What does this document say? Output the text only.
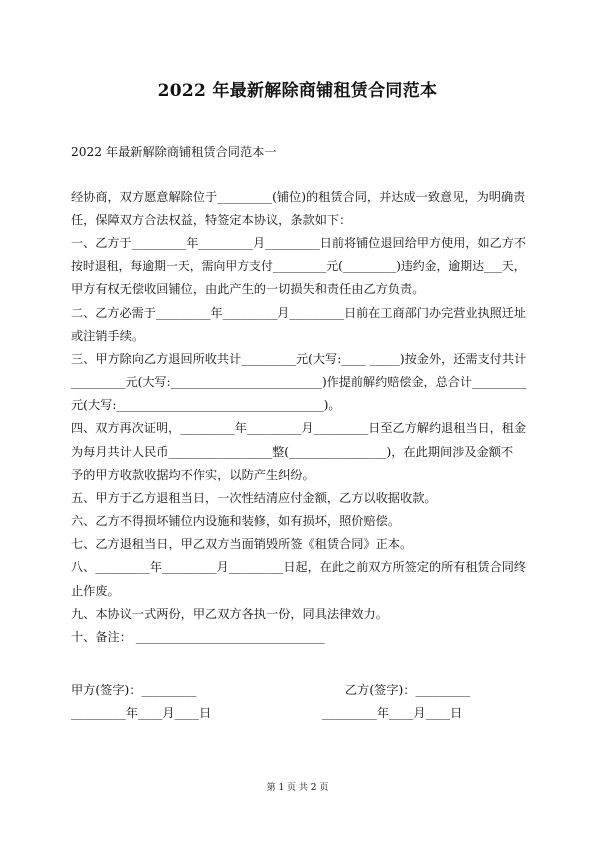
2022 年最新解除商铺租赁合同范本
2022 年最新解除商铺租赁合同范本一
经协商，双方愿意解除位于_________(铺位)的租赁合同，并达成一致意见，为明确责
任，保障双方合法权益，特签定本协议，条款如下：
一、乙方于_________年_________月_________日前将铺位退回给甲方使用，如乙方不
按时退租，每逾期一天，需向甲方支付_________元(_________)违约金，逾期达___天，
甲方有权无偿收回铺位，由此产生的一切损失和责任由乙方负责。
二、乙方必需于_________年_________月_________日前在工商部门办完营业执照迁址
或注销手续。
三、甲方除向乙方退回所收共计_________元(大写:____ _____)按金外，还需支付共计
_________元(大写:_________________________)作提前解约赔偿金，总合计_________
元(大写:__________________________________)。
四、双方再次证明，_________年_________月_________日至乙方解约退租当日，租金
为每月共计人民币_________________整(________________)，在此期间涉及金额不
予的甲方收款收据均不作实，以防产生纠纷。
五、甲方于乙方退租当日，一次性结清应付金额，乙方以收据收款。
六、乙方不得损坏铺位内设施和装修，如有损坏，照价赔偿。
七、乙方退租当日，甲乙双方当面销毁所签《租赁合同》正本。
八、_________年_________月_________日起，在此之前双方所签定的所有租赁合同终
止作废。
九、本协议一式两份，甲乙双方各执一份，同具法律效力。
十、备注： _______________________________
甲方(签字)：_________	乙方(签字)：_________
_________年____月____日	_________年____月____日
第 1 页 共 2 页
